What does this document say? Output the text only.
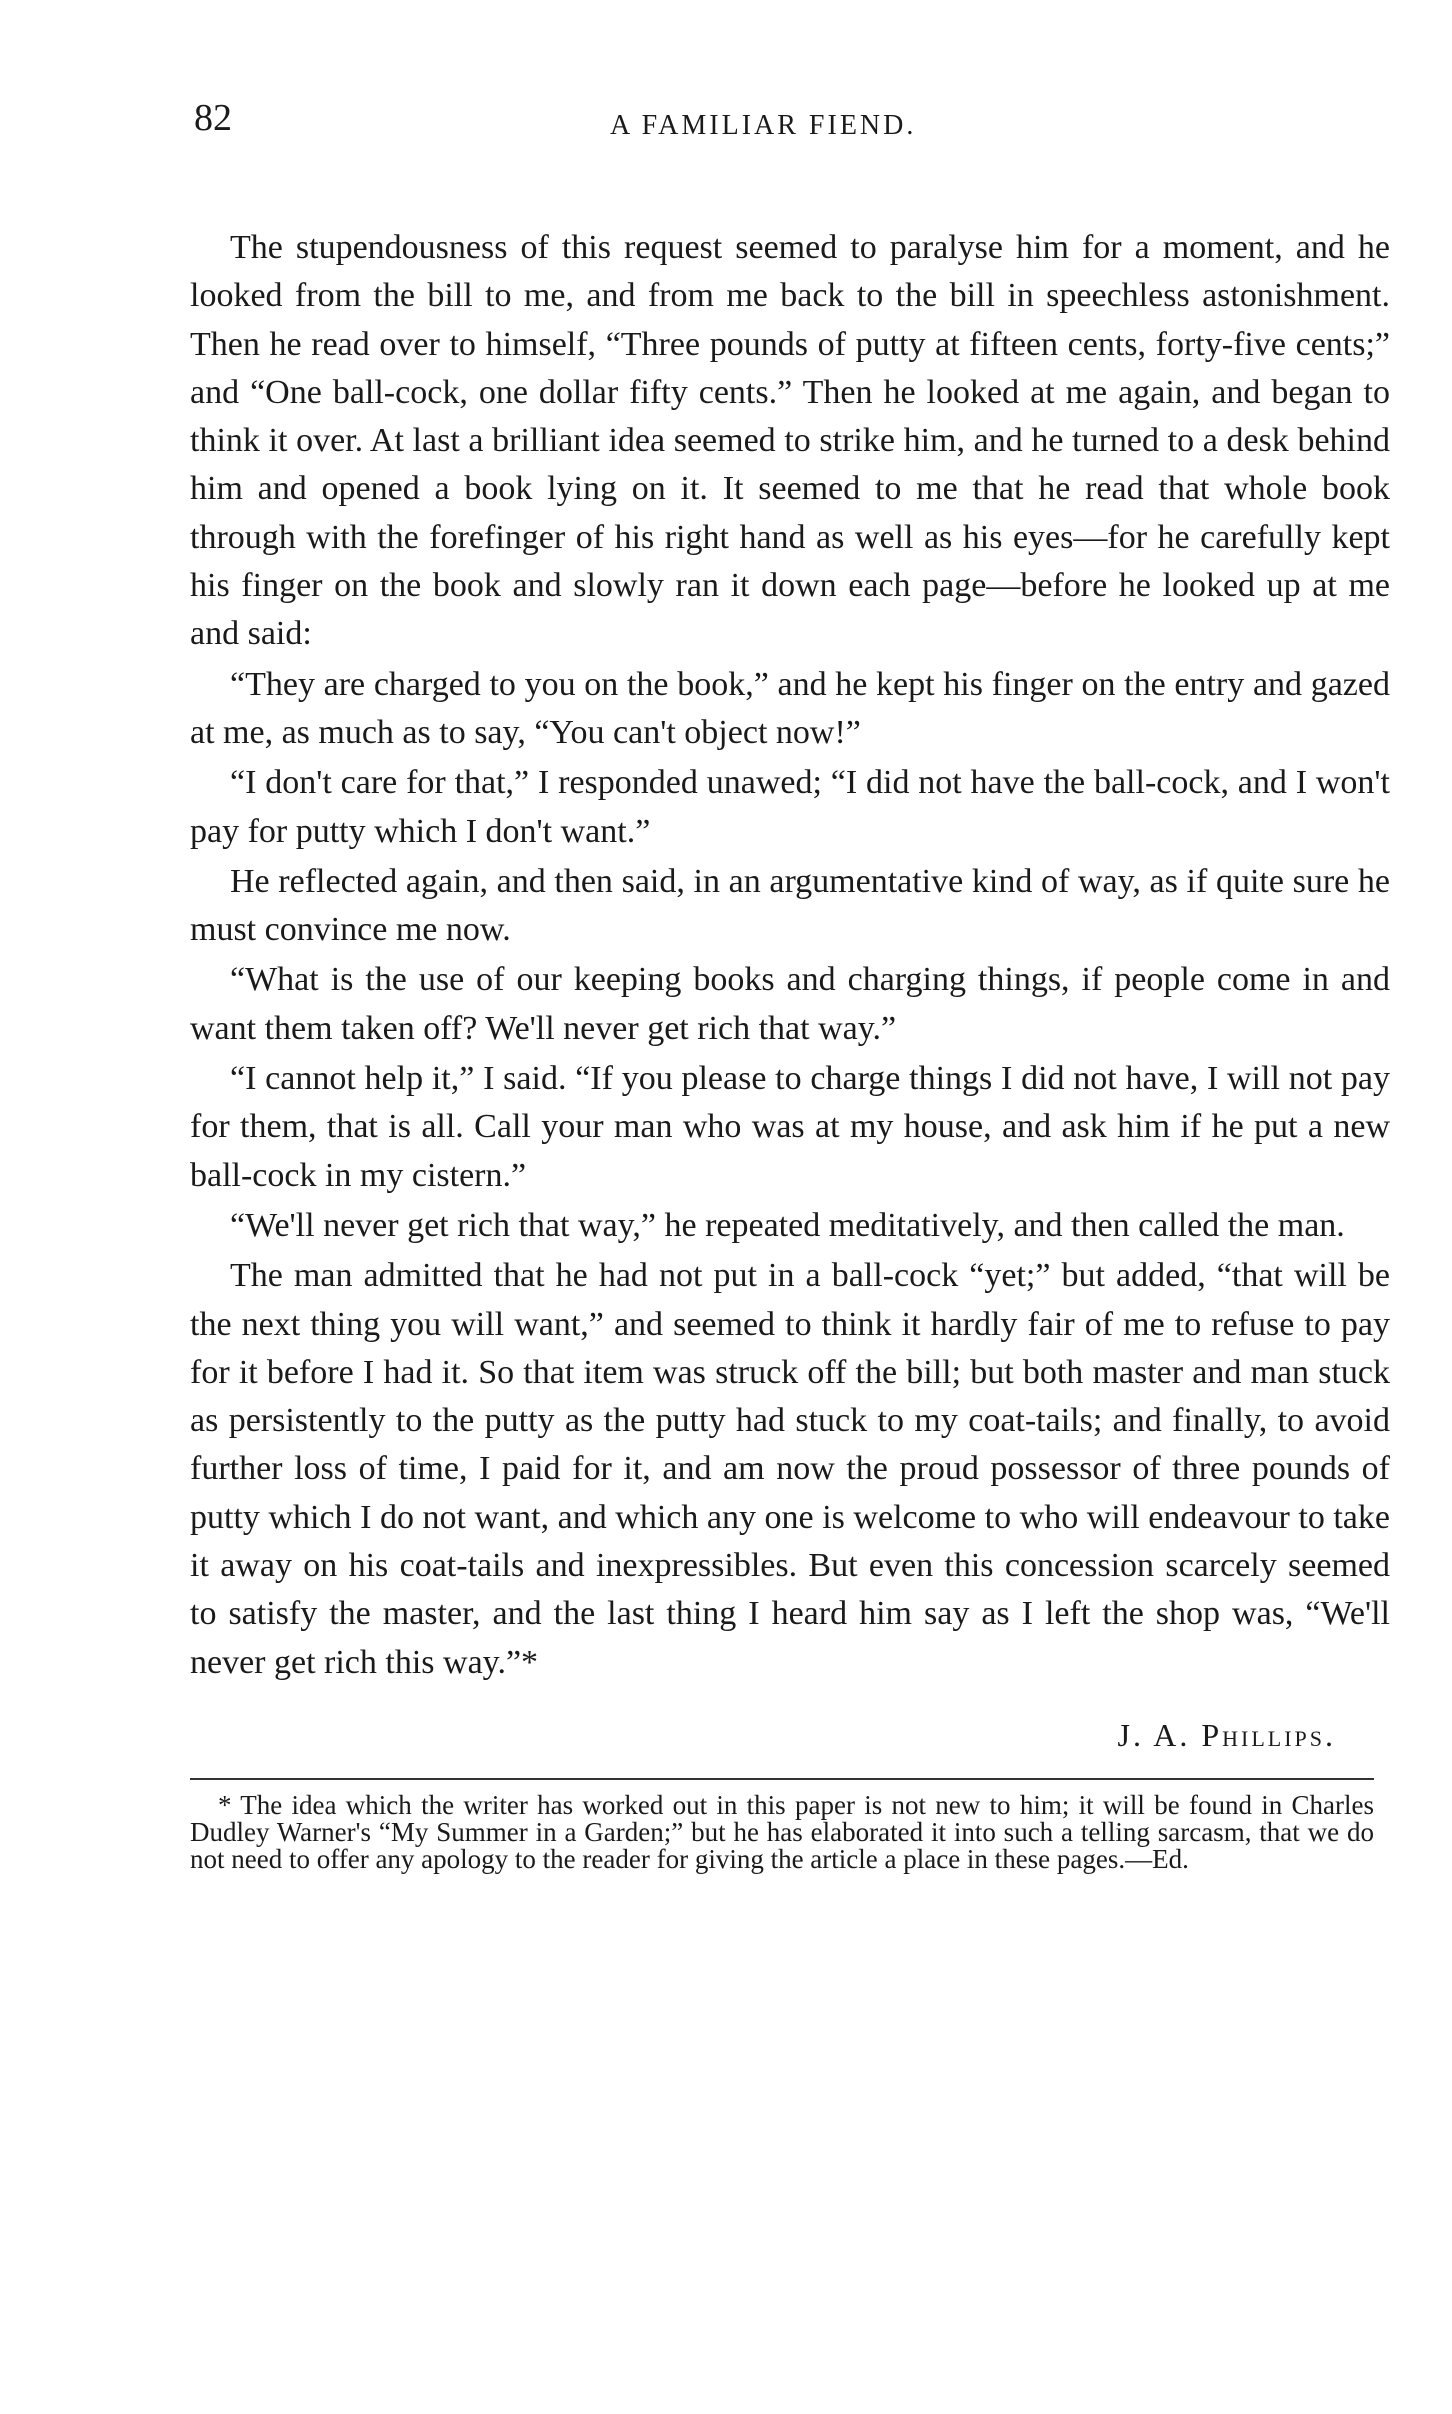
82	A FAMILIAR FIEND.

The stupendousness of this request seemed to paralyse him for a moment, and he looked from the bill to me, and from me back to the bill in speechless astonishment. Then he read over to himself, “Three pounds of putty at fifteen cents, forty-five cents;” and “One ball-cock, one dollar fifty cents.” Then he looked at me again, and began to think it over. At last a brilliant idea seemed to strike him, and he turned to a desk behind him and opened a book lying on it. It seemed to me that he read that whole book through with the forefinger of his right hand as well as his eyes—for he carefully kept his finger on the book and slowly ran it down each page—before he looked up at me and said:

“They are charged to you on the book,” and he kept his finger on the entry and gazed at me, as much as to say, “You can't object now!”

“I don't care for that,” I responded unawed; “I did not have the ball-cock, and I won't pay for putty which I don't want.”

He reflected again, and then said, in an argumentative kind of way, as if quite sure he must convince me now.

“What is the use of our keeping books and charging things, if people come in and want them taken off? We'll never get rich that way.”

“I cannot help it,” I said. “If you please to charge things I did not have, I will not pay for them, that is all. Call your man who was at my house, and ask him if he put a new ball-cock in my cistern.”

“We'll never get rich that way,” he repeated meditatively, and then called the man.

The man admitted that he had not put in a ball-cock “yet;” but added, “that will be the next thing you will want,” and seemed to think it hardly fair of me to refuse to pay for it before I had it. So that item was struck off the bill; but both master and man stuck as persistently to the putty as the putty had stuck to my coat-tails; and finally, to avoid further loss of time, I paid for it, and am now the proud possessor of three pounds of putty which I do not want, and which any one is welcome to who will endeavour to take it away on his coat-tails and inexpressibles. But even this concession scarcely seemed to satisfy the master, and the last thing I heard him say as I left the shop was, “We'll never get rich this way.”*

J. A. Phillips.

* The idea which the writer has worked out in this paper is not new to him; it will be found in Charles Dudley Warner's “My Summer in a Garden;” but he has elaborated it into such a telling sarcasm, that we do not need to offer any apology to the reader for giving the article a place in these pages.—Ed.
